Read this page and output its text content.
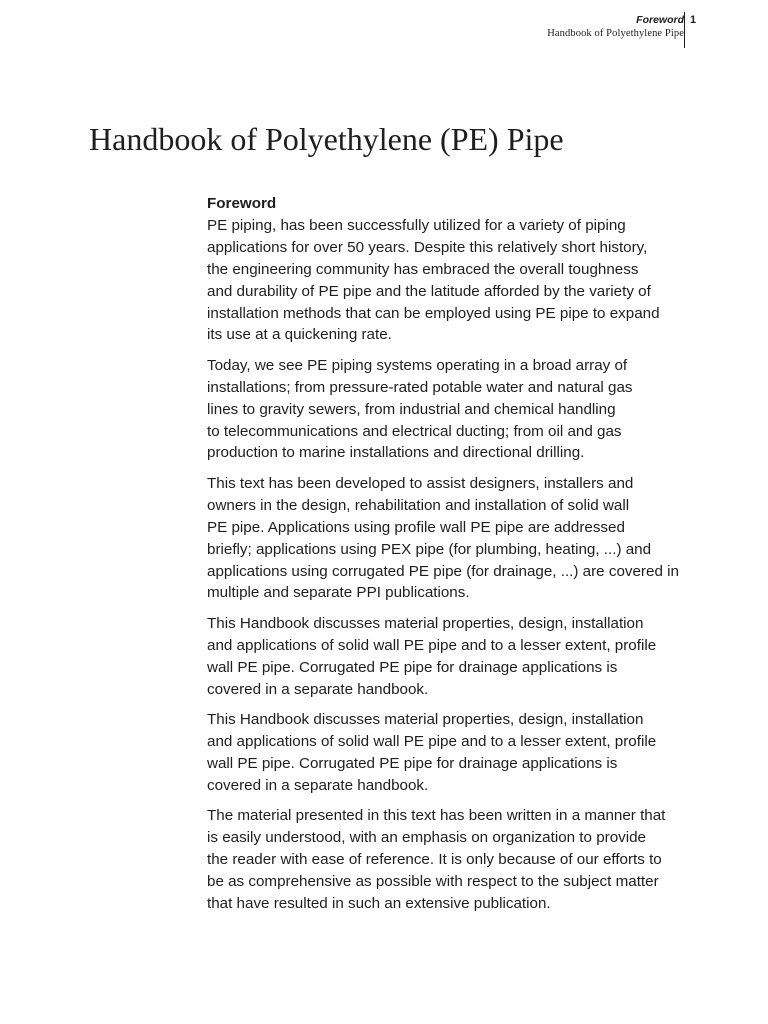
Foreword
Handbook of Polyethylene Pipe
1
Handbook of Polyethylene (PE) Pipe
Foreword

PE piping, has been successfully utilized for a variety of piping
applications for over 50 years. Despite this relatively short history,
the engineering community has embraced the overall toughness
and durability of PE pipe and the latitude afforded by the variety of
installation methods that can be employed using PE pipe to expand
its use at a quickening rate.

Today, we see PE piping systems operating in a broad array of
installations; from pressure-rated potable water and natural gas
lines to gravity sewers, from industrial and chemical handling
to telecommunications and electrical ducting; from oil and gas
production to marine installations and directional drilling.

This text has been developed to assist designers, installers and
owners in the design, rehabilitation and installation of solid wall
PE pipe. Applications using profile wall PE pipe are addressed
briefly; applications using PEX pipe (for plumbing, heating, ...) and
applications using corrugated PE pipe (for drainage, ...) are covered in
multiple and separate PPI publications.

This Handbook discusses material properties, design, installation
and applications of solid wall PE pipe and to a lesser extent, profile
wall PE pipe. Corrugated PE pipe for drainage applications is
covered in a separate handbook.

This Handbook discusses material properties, design, installation
and applications of solid wall PE pipe and to a lesser extent, profile
wall PE pipe. Corrugated PE pipe for drainage applications is
covered in a separate handbook.

The material presented in this text has been written in a manner that
is easily understood, with an emphasis on organization to provide
the reader with ease of reference. It is only because of our efforts to
be as comprehensive as possible with respect to the subject matter
that have resulted in such an extensive publication.
